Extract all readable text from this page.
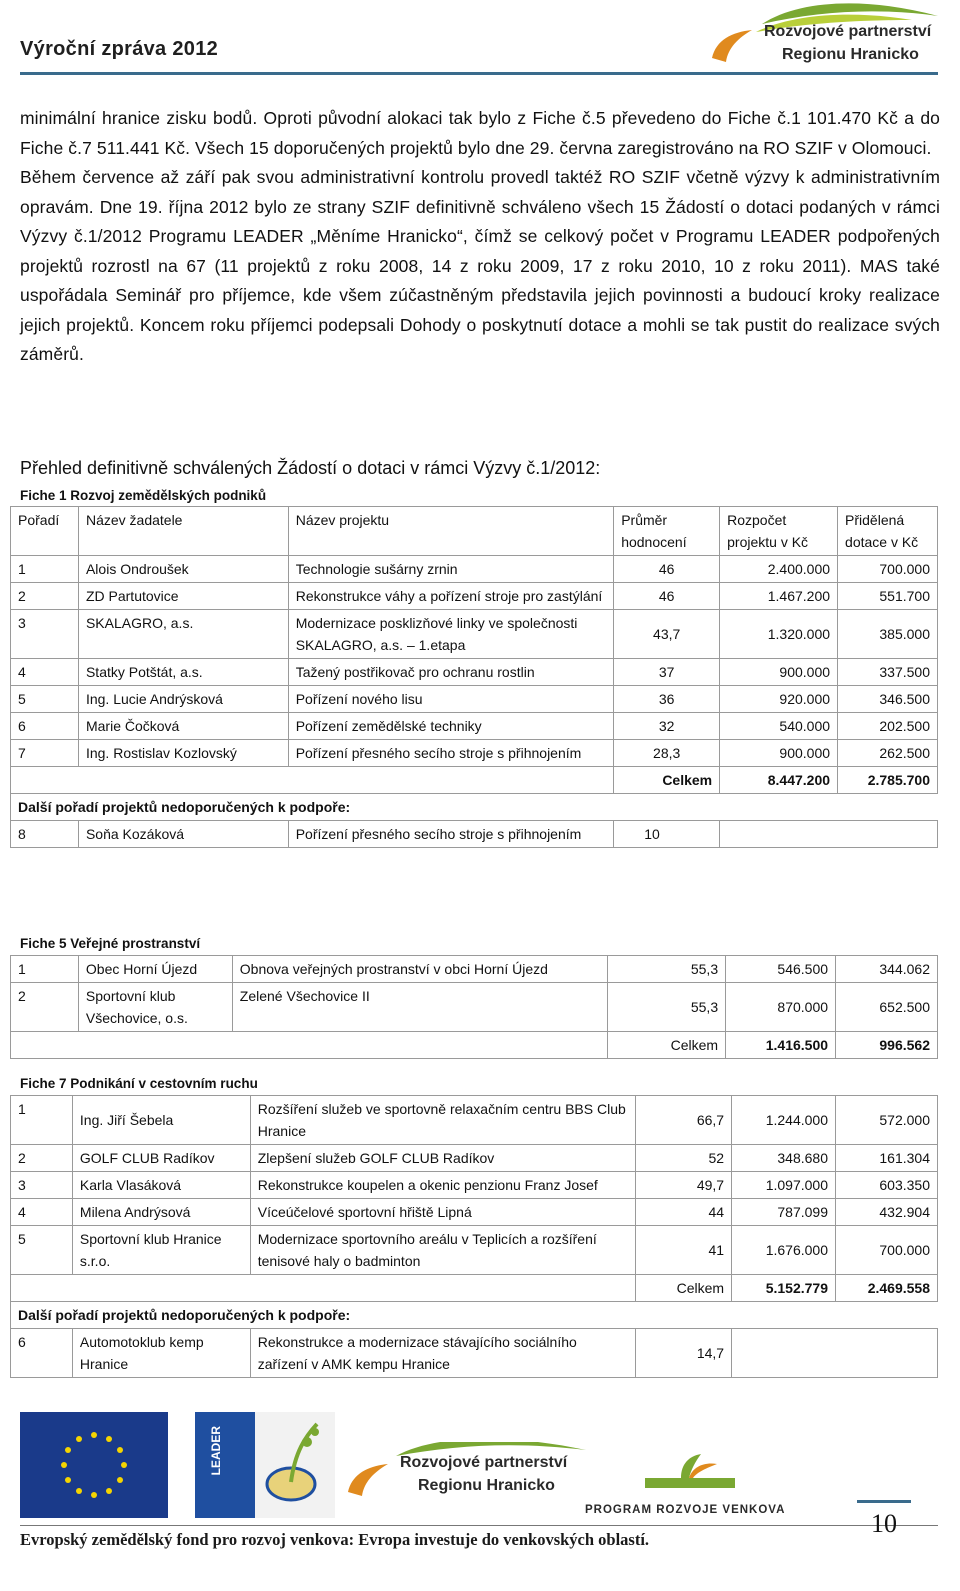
Výroční zpráva 2012
Rozvojové partnerství
Regionu Hranicko

minimální hranice zisku bodů. Oproti původní alokaci tak bylo z Fiche č.5 převedeno do Fiche č.1 101.470 Kč a do Fiche č.7 511.441 Kč. Všech 15 doporučených projektů bylo dne 29. června zaregistrováno na RO SZIF v Olomouci.

Během července až září pak svou administrativní kontrolu provedl taktéž RO SZIF včetně výzvy k administrativním opravám. Dne 19. října 2012 bylo ze strany SZIF definitivně schváleno všech 15 Žádostí o dotaci podaných v rámci Výzvy č.1/2012 Programu LEADER „Měníme Hranicko“, čímž se celkový počet v Programu LEADER podpořených projektů rozrostl na 67 (11 projektů z roku 2008, 14 z roku 2009, 17 z roku 2010, 10 z roku 2011). MAS také uspořádala Seminář pro příjemce, kde všem zúčastněným představila jejich povinnosti a budoucí kroky realizace jejich projektů. Koncem roku příjemci podepsali Dohody o poskytnutí dotace a mohli se tak pustit do realizace svých záměrů.

Přehled definitivně schválených Žádostí o dotaci v rámci Výzvy č.1/2012:
Fiche 1 Rozvoj zemědělských podniků
Pořadí	Název žadatele	Název projektu	Průměr hodnocení	Rozpočet projektu v Kč	Přidělená dotace v Kč
1	Alois Ondroušek	Technologie sušárny zrnin	46	2.400.000	700.000
2	ZD Partutovice	Rekonstrukce váhy a pořízení stroje pro zastýlání	46	1.467.200	551.700
3	SKALAGRO, a.s.	Modernizace posklizňové linky ve společnosti SKALAGRO, a.s. – 1.etapa	43,7	1.320.000	385.000
4	Statky Potštát, a.s.	Tažený postřikovač pro ochranu rostlin	37	900.000	337.500
5	Ing. Lucie Andrýsková	Pořízení nového lisu	36	920.000	346.500
6	Marie Čočková	Pořízení zemědělské techniky	32	540.000	202.500
7	Ing. Rostislav Kozlovský	Pořízení přesného secího stroje s přihnojením	28,3	900.000	262.500
			Celkem	8.447.200	2.785.700
Další pořadí projektů nedoporučených k podpoře:					
8	Soňa Kozáková	Pořízení přesného secího stroje s přihnojením	10		
Fiche 5 Veřejné prostranství
1	Obec Horní Újezd	Obnova veřejných prostranství v obci Horní Újezd	55,3	546.500	344.062
2	Sportovní klub Všechovice, o.s.	Zelené Všechovice II	55,3	870.000	652.500
			Celkem	1.416.500	996.562
Fiche 7 Podnikání v cestovním ruchu
1	Ing. Jiří Šebela	Rozšíření služeb ve sportovně relaxačním centru BBS Club Hranice	66,7	1.244.000	572.000
2	GOLF CLUB Radíkov	Zlepšení služeb GOLF CLUB Radíkov	52	348.680	161.304
3	Karla Vlasáková	Rekonstrukce koupelen a okenic penzionu Franz Josef	49,7	1.097.000	603.350
4	Milena Andrýsová	Víceúčelové sportovní hřiště Lipná	44	787.099	432.904
5	Sportovní klub Hranice s.r.o.	Modernizace sportovního areálu v Teplicích a rozšíření tenisové haly o badminton	41	1.676.000	700.000
			Celkem	5.152.779	2.469.558
Další pořadí projektů nedoporučených k podpoře:					
6	Automotoklub kemp Hranice	Rekonstrukce a modernizace stávajícího sociálního zařízení v AMK kempu Hranice	14,7		
LEADER	Rozvojové partnerství
Regionu Hranicko
PROGRAM ROZVOJE VENKOVA
Evropský zemědělský fond pro rozvoj venkova: Evropa investuje do venkovských oblastí.
10
